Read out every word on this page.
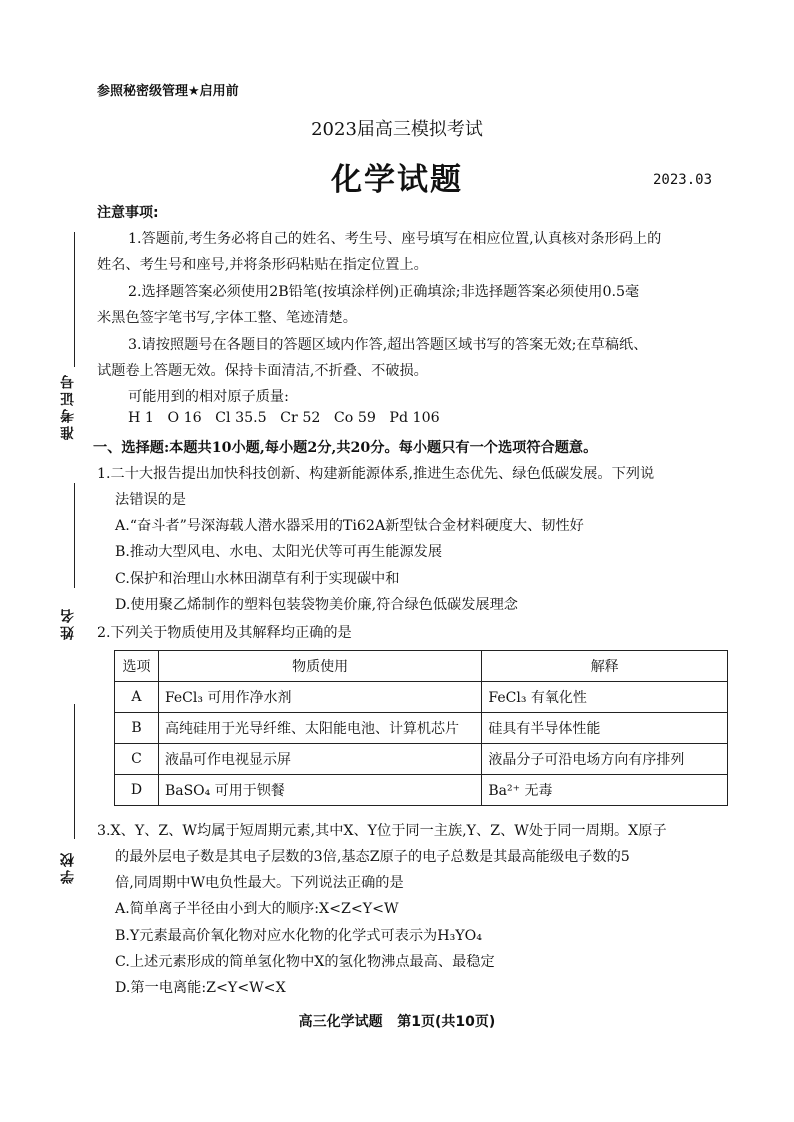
参照秘密级管理★启用前
2023届高三模拟考试
化学试题	2023.03
准考证号
姓名
学校
注意事项:
1.答题前,考生务必将自己的姓名、考生号、座号填写在相应位置,认真核对条形码上的
姓名、考生号和座号,并将条形码粘贴在指定位置上。
2.选择题答案必须使用2B铅笔(按填涂样例)正确填涂;非选择题答案必须使用0.5毫
米黑色签字笔书写,字体工整、笔迹清楚。
3.请按照题号在各题目的答题区域内作答,超出答题区域书写的答案无效;在草稿纸、
试题卷上答题无效。保持卡面清洁,不折叠、不破损。
可能用到的相对原子质量:
H 1   O 16   Cl 35.5   Cr 52   Co 59   Pd 106
一、选择题:本题共10小题,每小题2分,共20分。每小题只有一个选项符合题意。
1.二十大报告提出加快科技创新、构建新能源体系,推进生态优先、绿色低碳发展。下列说
法错误的是
A.“奋斗者”号深海载人潜水器采用的Ti62A新型钛合金材料硬度大、韧性好
B.推动大型风电、水电、太阳光伏等可再生能源发展
C.保护和治理山水林田湖草有利于实现碳中和
D.使用聚乙烯制作的塑料包装袋物美价廉,符合绿色低碳发展理念
2.下列关于物质使用及其解释均正确的是
选项	物质使用	解释
A	FeCl₃ 可用作净水剂	FeCl₃ 有氧化性
B	高纯硅用于光导纤维、太阳能电池、计算机芯片	硅具有半导体性能
C	液晶可作电视显示屏	液晶分子可沿电场方向有序排列
D	BaSO₄ 可用于钡餐	Ba²⁺ 无毒
3.X、Y、Z、W均属于短周期元素,其中X、Y位于同一主族,Y、Z、W处于同一周期。X原子
的最外层电子数是其电子层数的3倍,基态Z原子的电子总数是其最高能级电子数的5
倍,同周期中W电负性最大。下列说法正确的是
A.简单离子半径由小到大的顺序:X<Z<Y<W
B.Y元素最高价氧化物对应水化物的化学式可表示为H₃YO₄
C.上述元素形成的简单氢化物中X的氢化物沸点最高、最稳定
D.第一电离能:Z<Y<W<X
高三化学试题   第1页(共10页)
